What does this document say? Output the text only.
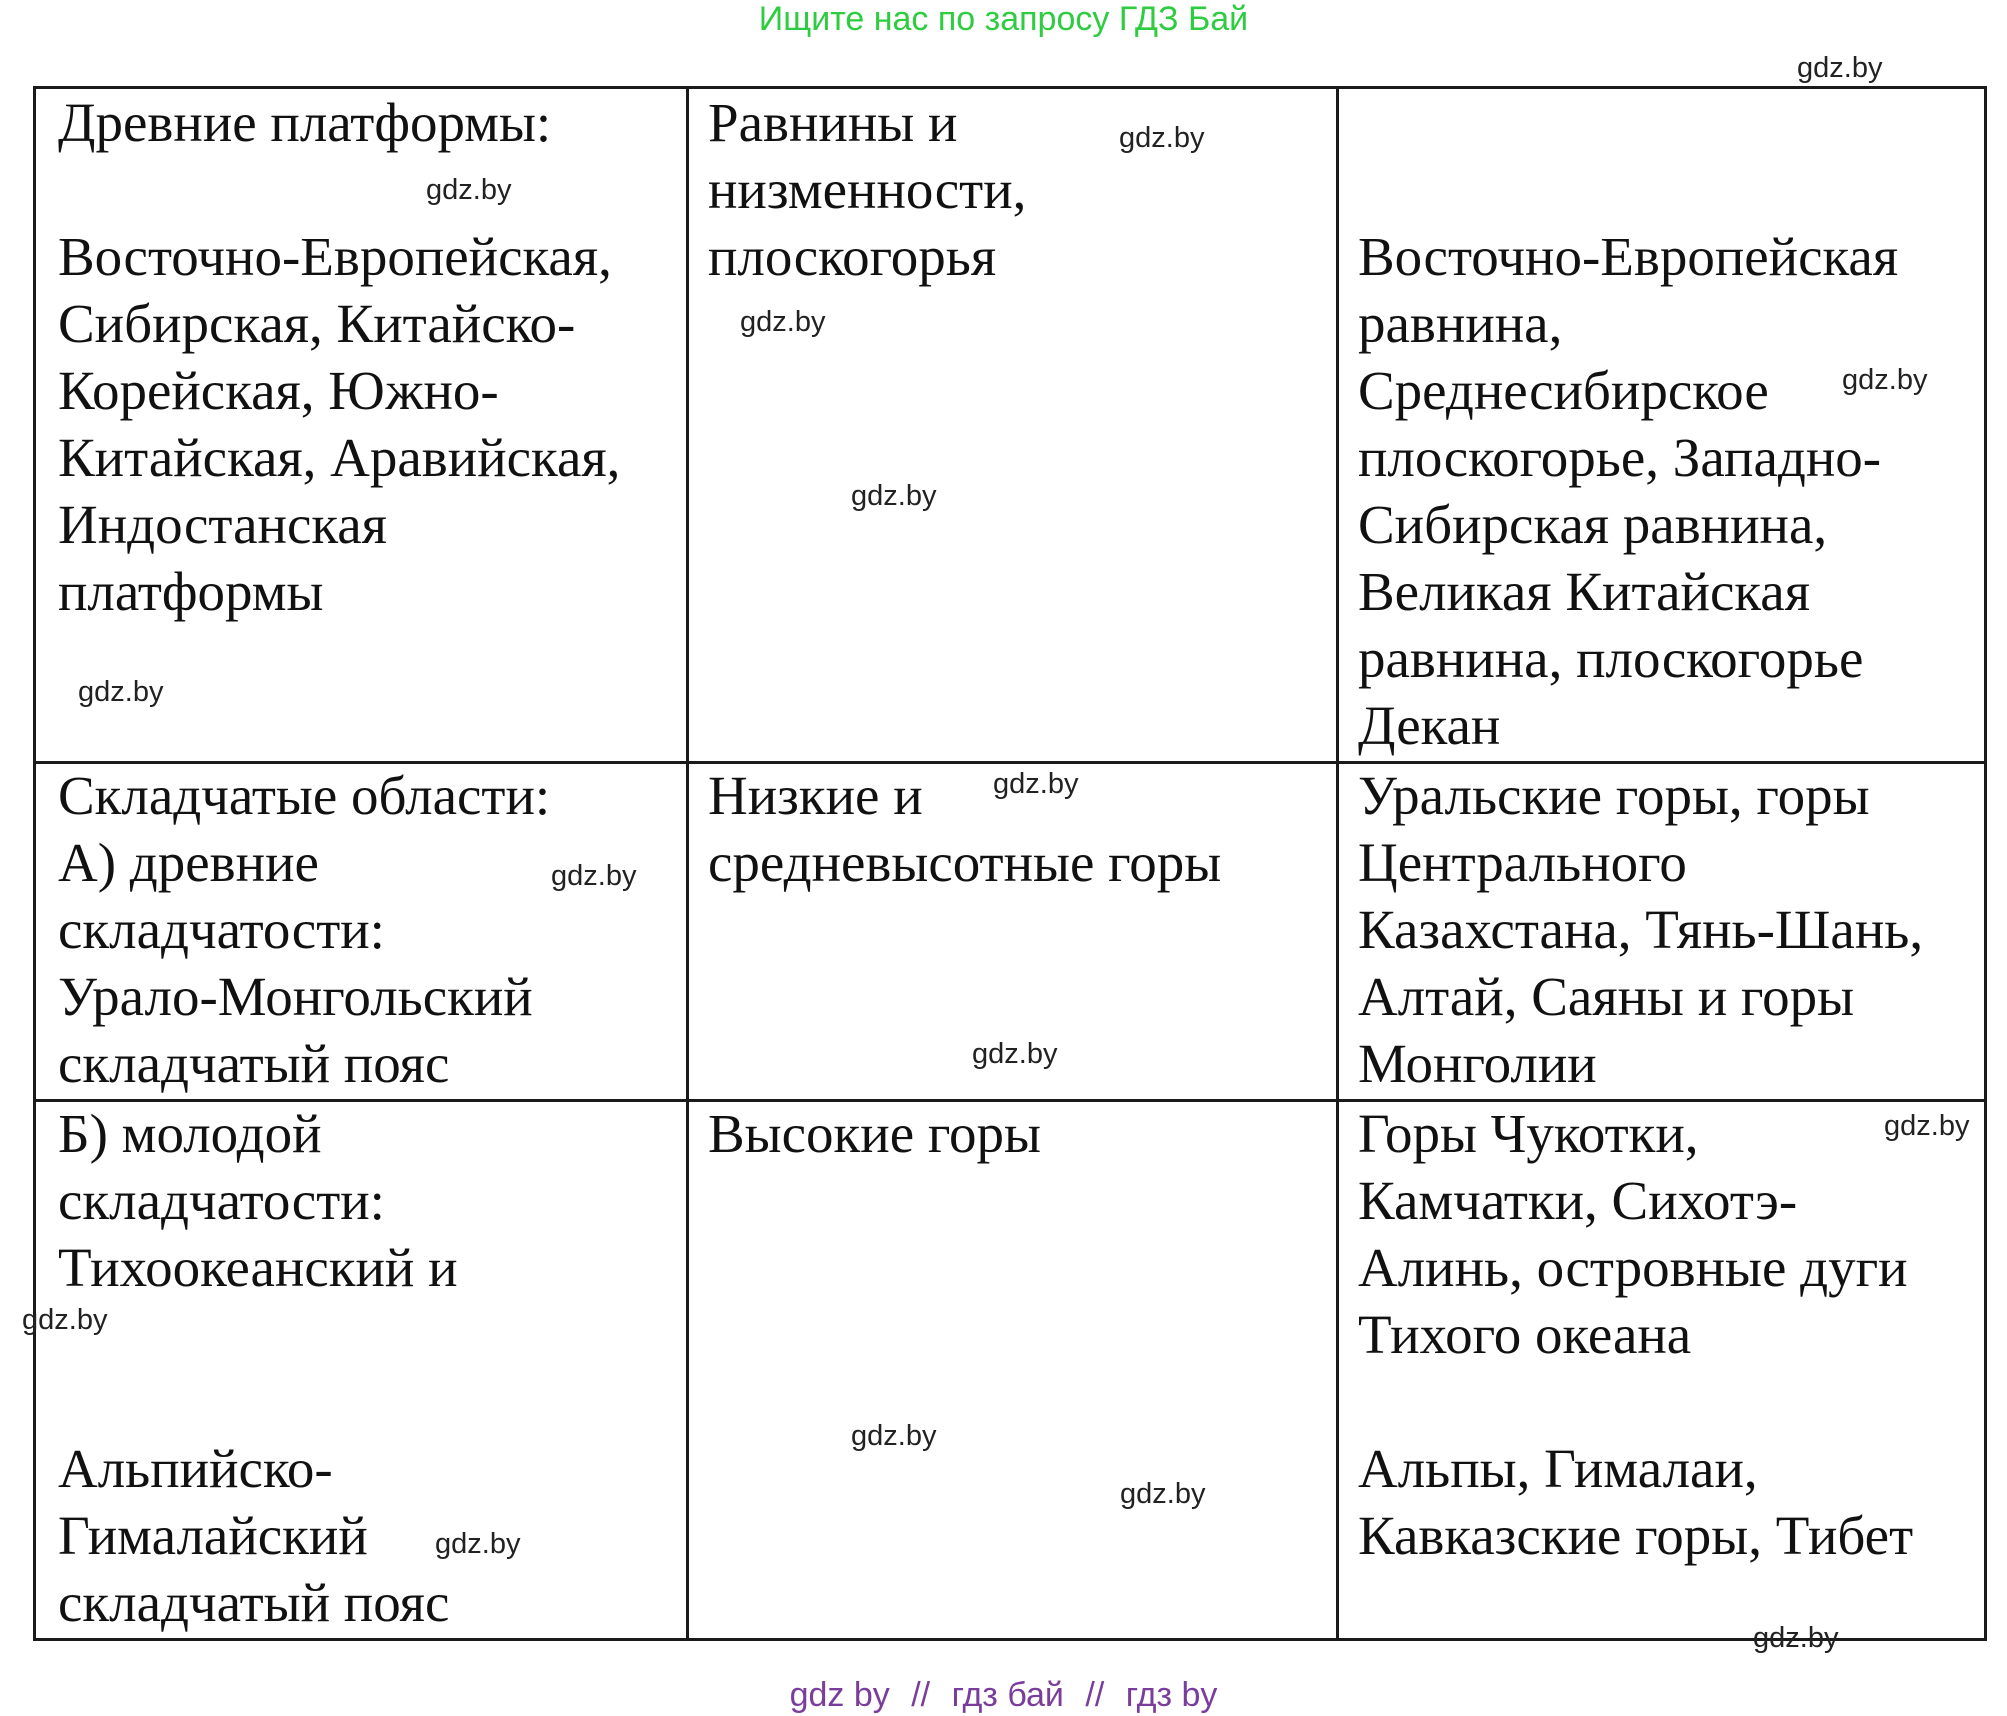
Ищите нас по запросу ГДЗ Бай

Древние платформы:

Восточно-Европейская,

Сибирская, Китайско-

Корейская, Южно-

Китайская, Аравийская,

Индостанская

платформы

Равнины и

низменности,

плоскогорья

	Восточно-Европейская

равнина,

Среднесибирское

плоскогорье, Западно-

Сибирская равнина,

Великая Китайская

равнина, плоскогорье

Декан

Складчатые области:

А) древние

складчатости:

Урало-Монгольский

складчатый пояс

Низкие и

средневысотные горы

Уральские горы, горы

Центрального

Казахстана, Тянь-Шань,

Алтай, Саяны и горы

Монголии

Б) молодой

складчатости:

Тихоокеанский и

Альпийско-

Гималайский

складчатый пояс

Высокие горы	Горы Чукотки,

Камчатки, Сихотэ-

Алинь, островные дуги

Тихого океана

Альпы, Гималаи,

Кавказские горы, Тибет

gdz.by
gdz.by
gdz.by
gdz.by
gdz.by
gdz.by
gdz.by
gdz.by
gdz.by
gdz.by
gdz.by
gdz.by
gdz.by
gdz.by
gdz.by
gdz.by
gdz by // гдз бай // гдз by
